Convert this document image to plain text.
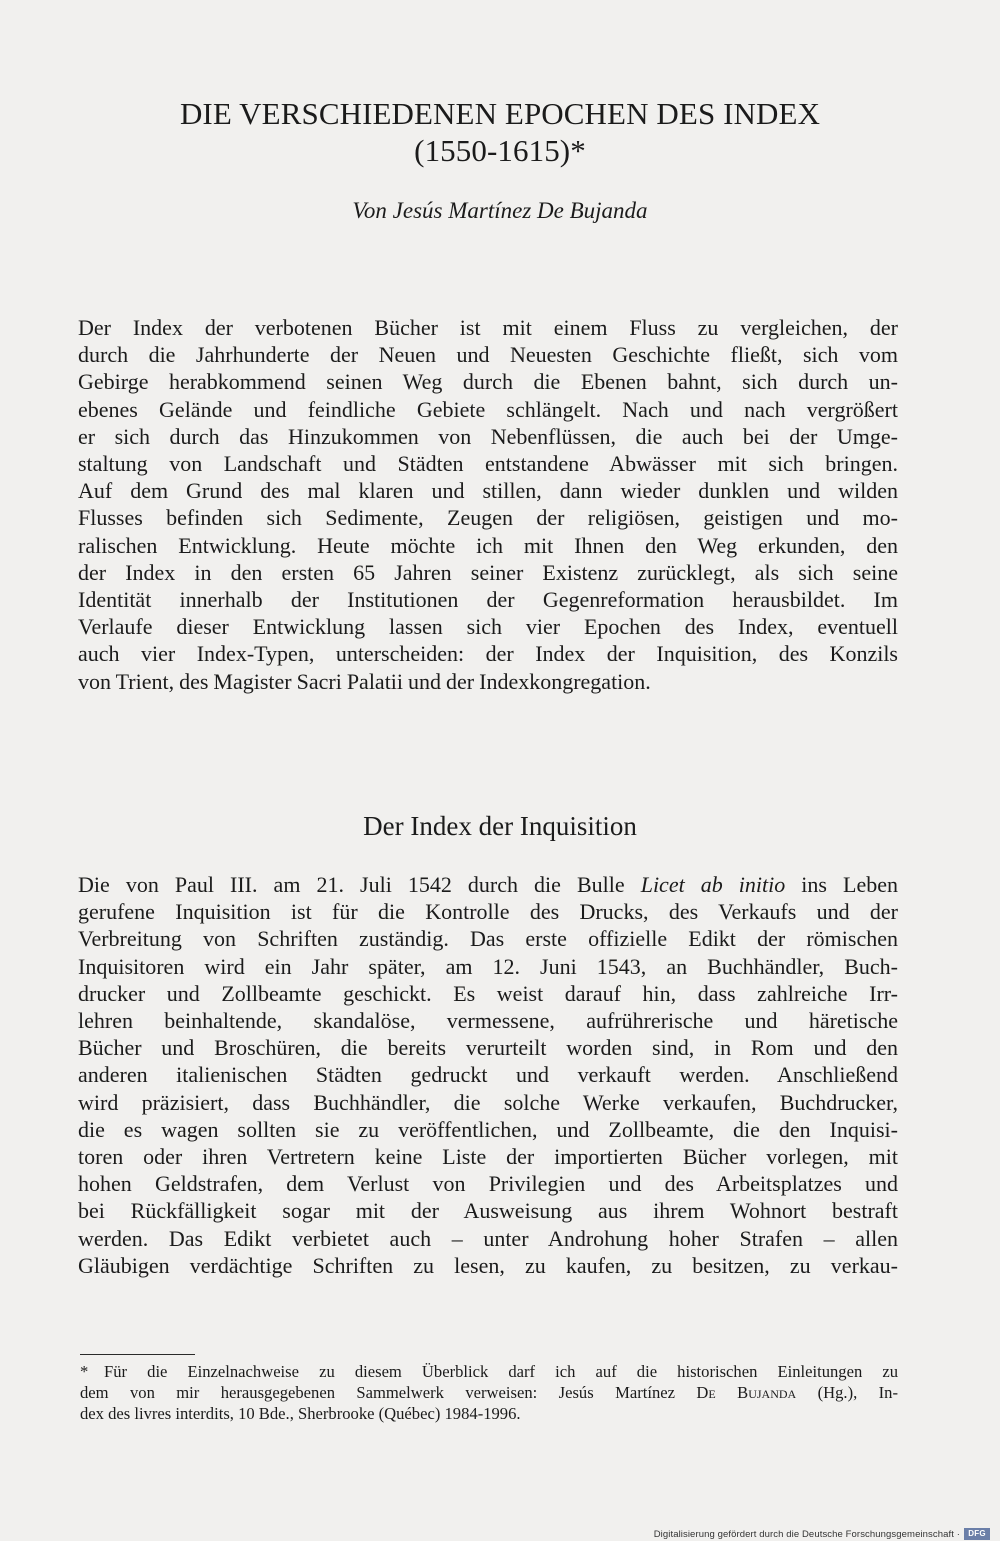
DIE VERSCHIEDENEN EPOCHEN DES INDEX
(1550-1615)*

Von Jesús Martínez De Bujanda

Der Index der verbotenen Bücher ist mit einem Fluss zu vergleichen, der
durch die Jahrhunderte der Neuen und Neuesten Geschichte fließt, sich vom
Gebirge herabkommend seinen Weg durch die Ebenen bahnt, sich durch un-
ebenes Gelände und feindliche Gebiete schlängelt. Nach und nach vergrößert
er sich durch das Hinzukommen von Nebenflüssen, die auch bei der Umge-
staltung von Landschaft und Städten entstandene Abwässer mit sich bringen.
Auf dem Grund des mal klaren und stillen, dann wieder dunklen und wilden
Flusses befinden sich Sedimente, Zeugen der religiösen, geistigen und mo-
ralischen Entwicklung. Heute möchte ich mit Ihnen den Weg erkunden, den
der Index in den ersten 65 Jahren seiner Existenz zurücklegt, als sich seine
Identität innerhalb der Institutionen der Gegenreformation herausbildet. Im
Verlaufe dieser Entwicklung lassen sich vier Epochen des Index, eventuell
auch vier Index-Typen, unterscheiden: der Index der Inquisition, des Konzils
von Trient, des Magister Sacri Palatii und der Indexkongregation.

Der Index der Inquisition

Die von Paul III. am 21. Juli 1542 durch die Bulle Licet ab initio ins Leben
gerufene Inquisition ist für die Kontrolle des Drucks, des Verkaufs und der
Verbreitung von Schriften zuständig. Das erste offizielle Edikt der römischen
Inquisitoren wird ein Jahr später, am 12. Juni 1543, an Buchhändler, Buch-
drucker und Zollbeamte geschickt. Es weist darauf hin, dass zahlreiche Irr-
lehren beinhaltende, skandalöse, vermessene, aufrührerische und häretische
Bücher und Broschüren, die bereits verurteilt worden sind, in Rom und den
anderen italienischen Städten gedruckt und verkauft werden. Anschließend
wird präzisiert, dass Buchhändler, die solche Werke verkaufen, Buchdrucker,
die es wagen sollten sie zu veröffentlichen, und Zollbeamte, die den Inquisi-
toren oder ihren Vertretern keine Liste der importierten Bücher vorlegen, mit
hohen Geldstrafen, dem Verlust von Privilegien und des Arbeitsplatzes und
bei Rückfälligkeit sogar mit der Ausweisung aus ihrem Wohnort bestraft
werden. Das Edikt verbietet auch – unter Androhung hoher Strafen – allen
Gläubigen verdächtige Schriften zu lesen, zu kaufen, zu besitzen, zu verkau-

* Für die Einzelnachweise zu diesem Überblick darf ich auf die historischen Einleitungen zu
dem von mir herausgegebenen Sammelwerk verweisen: Jesús Martínez De Bujanda (Hg.), In-
dex des livres interdits, 10 Bde., Sherbrooke (Québec) 1984-1996.

Digitalisierung gefördert durch die Deutsche Forschungsgemeinschaft ·	DFG
